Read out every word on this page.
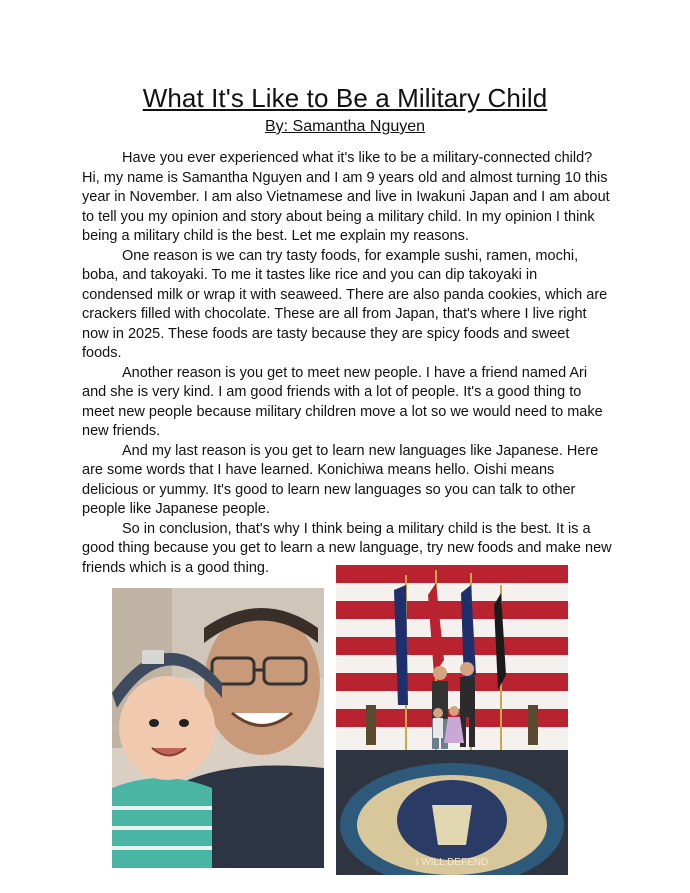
What It's Like to Be a Military Child
By: Samantha Nguyen

Have you ever experienced what it's like to be a military-connected child? Hi, my name is Samantha Nguyen and I am 9 years old and almost turning 10 this year in November. I am also Vietnamese and live in Iwakuni Japan and I am about to tell you my opinion and story about being a military child. In my opinion I think being a military child is the best. Let me explain my reasons.

One reason is we can try tasty foods, for example sushi, ramen, mochi, boba, and takoyaki. To me it tastes like rice and you can dip takoyaki in condensed milk or wrap it with seaweed. There are also panda cookies, which are crackers filled with chocolate. These are all from Japan, that's where I live right now in 2025. These foods are tasty because they are spicy foods and sweet foods.

Another reason is you get to meet new people. I have a friend named Ari and she is very kind. I am good friends with a lot of people. It's a good thing to meet new people because military children move a lot so we would need to make new friends.

And my last reason is you get to learn new languages like Japanese. Here are some words that I have learned. Konichiwa means hello. Oishi means delicious or yummy. It's good to learn new languages so you can talk to other people like Japanese people.

So in conclusion, that's why I think being a military child is the best. It is a good thing because you get to learn a new language, try new foods and make new friends which is a good thing.

I WILL DEFEND
